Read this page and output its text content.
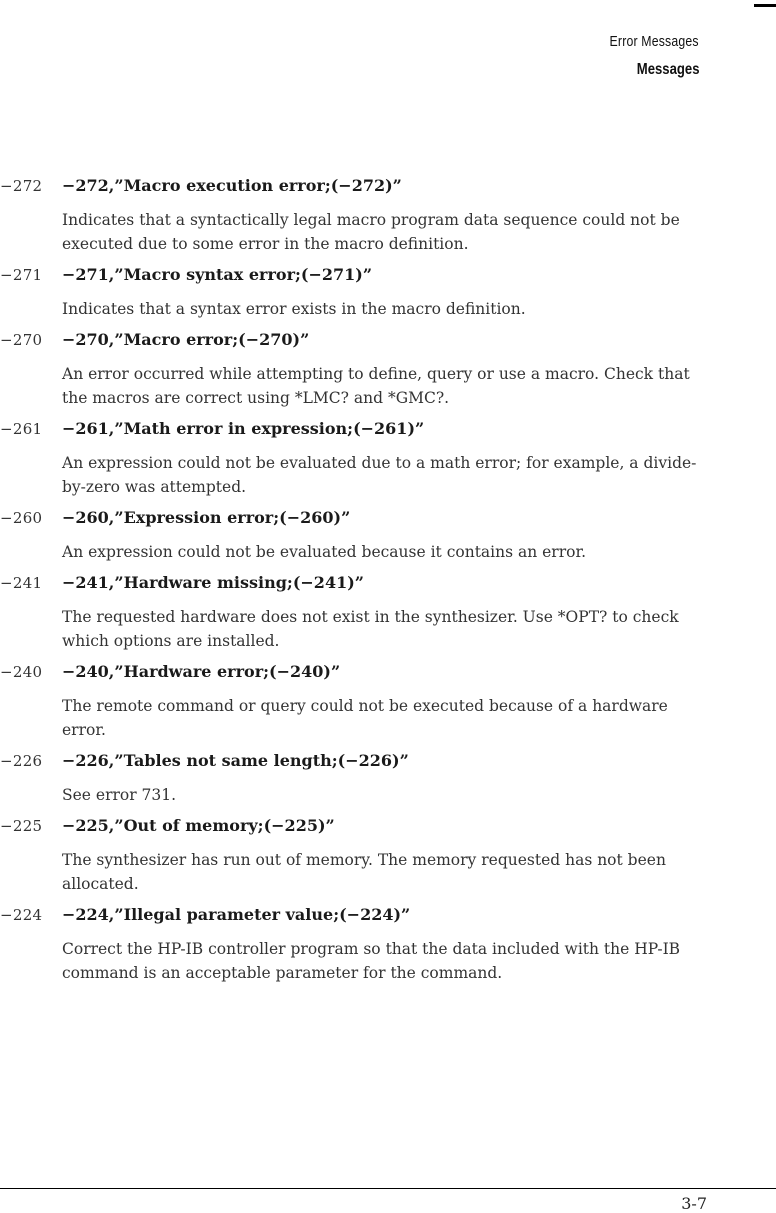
Error Messages
Messages
−272 −272,”Macro execution error;(−272)”
Indicates that a syntactically legal macro program data sequence could not be executed due to some error in the macro definition.
−271 −271,”Macro syntax error;(−271)”
Indicates that a syntax error exists in the macro definition.
−270 −270,”Macro error;(−270)”
An error occurred while attempting to define, query or use a macro. Check that the macros are correct using *LMC? and *GMC?.
−261 −261,”Math error in expression;(−261)”
An expression could not be evaluated due to a math error; for example, a divide-by-zero was attempted.
−260 −260,”Expression error;(−260)”
An expression could not be evaluated because it contains an error.
−241 −241,”Hardware missing;(−241)”
The requested hardware does not exist in the synthesizer. Use *OPT? to check which options are installed.
−240 −240,”Hardware error;(−240)”
The remote command or query could not be executed because of a hardware error.
−226 −226,”Tables not same length;(−226)”
See error 731.
−225 −225,”Out of memory;(−225)”
The synthesizer has run out of memory. The memory requested has not been allocated.
−224 −224,”Illegal parameter value;(−224)”
Correct the HP-IB controller program so that the data included with the HP-IB command is an acceptable parameter for the command.
3-7
